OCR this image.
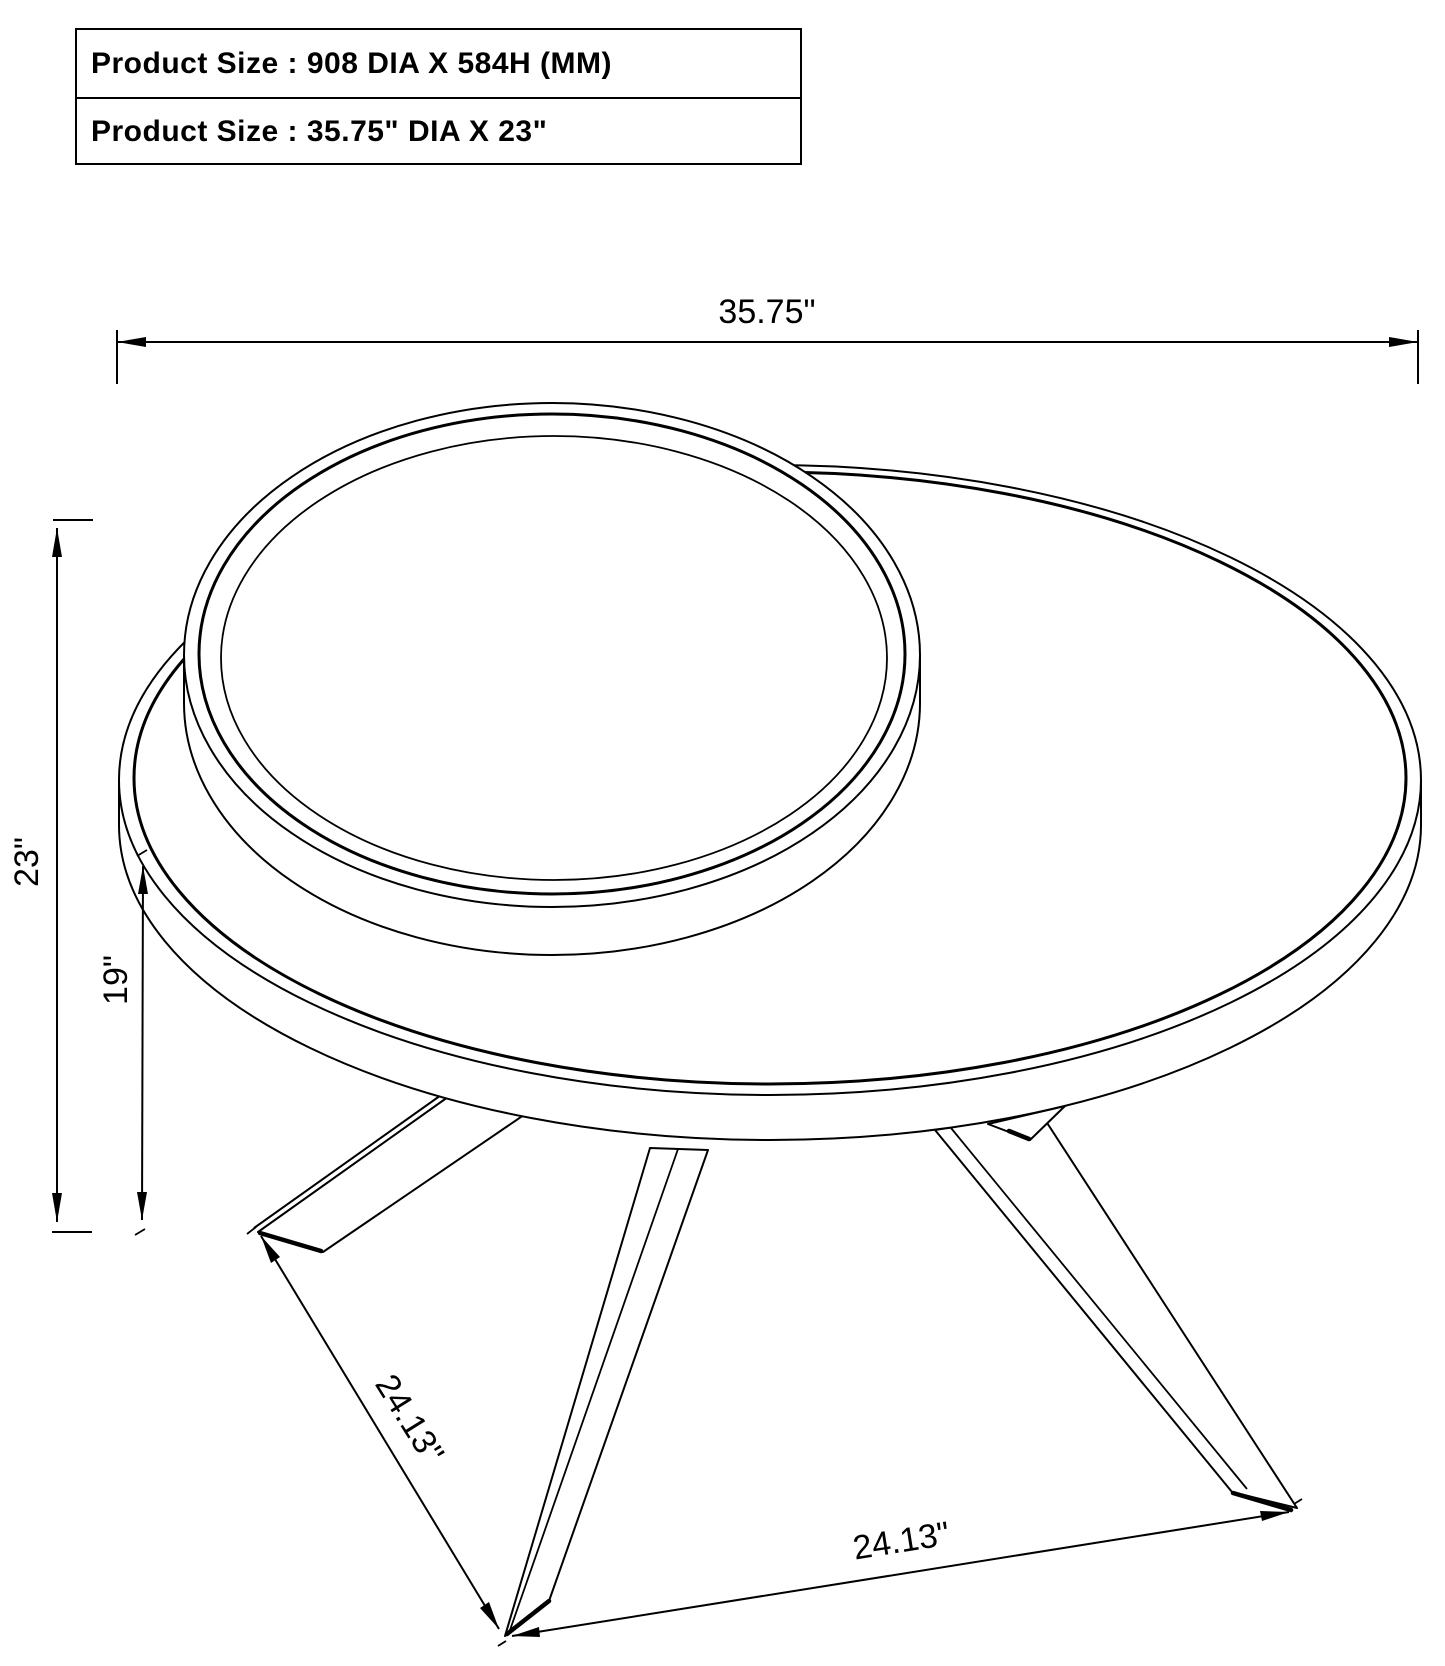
35.75"
23"
19"
24.13"
24.13"
Product Size : 908 DIA X 584H (MM)
Product Size : 35.75" DIA X 23"
